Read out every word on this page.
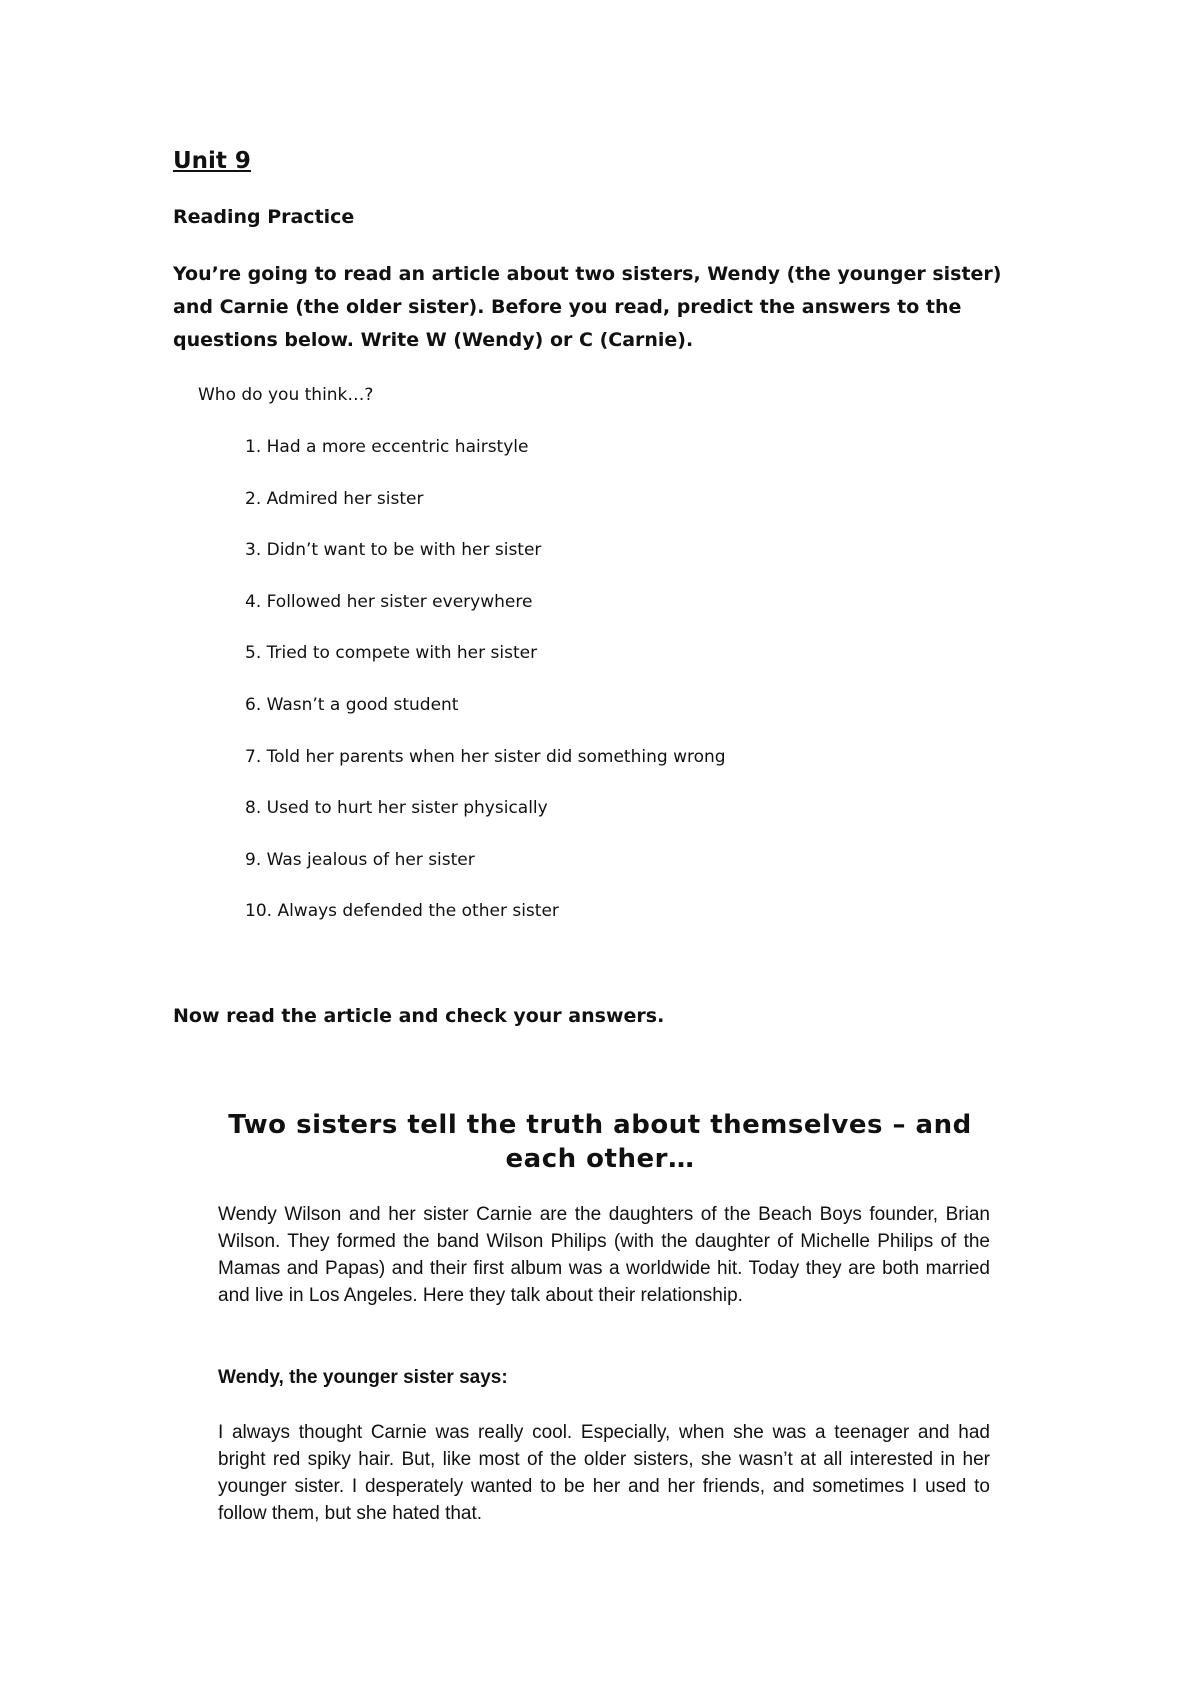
Unit 9
Reading Practice

You’re going to read an article about two sisters, Wendy (the younger sister) and Carnie (the older sister). Before you read, predict the answers to the questions below. Write W (Wendy) or C (Carnie).

Who do you think…?

1. Had a more eccentric hairstyle
2. Admired her sister
3. Didn’t want to be with her sister
4. Followed her sister everywhere
5. Tried to compete with her sister
6. Wasn’t a good student
7. Told her parents when her sister did something wrong
8. Used to hurt her sister physically
9. Was jealous of her sister
10. Always defended the other sister

Now read the article and check your answers.

Two sisters tell the truth about themselves – and each other…

Wendy Wilson and her sister Carnie are the daughters of the Beach Boys founder, Brian Wilson. They formed the band Wilson Philips (with the daughter of Michelle Philips of the Mamas and Papas) and their first album was a worldwide hit. Today they are both married and live in Los Angeles. Here they talk about their relationship.

Wendy, the younger sister says:

I always thought Carnie was really cool. Especially, when she was a teenager and had bright red spiky hair. But, like most of the older sisters, she wasn’t at all interested in her younger sister. I desperately wanted to be her and her friends, and sometimes I used to follow them, but she hated that.
